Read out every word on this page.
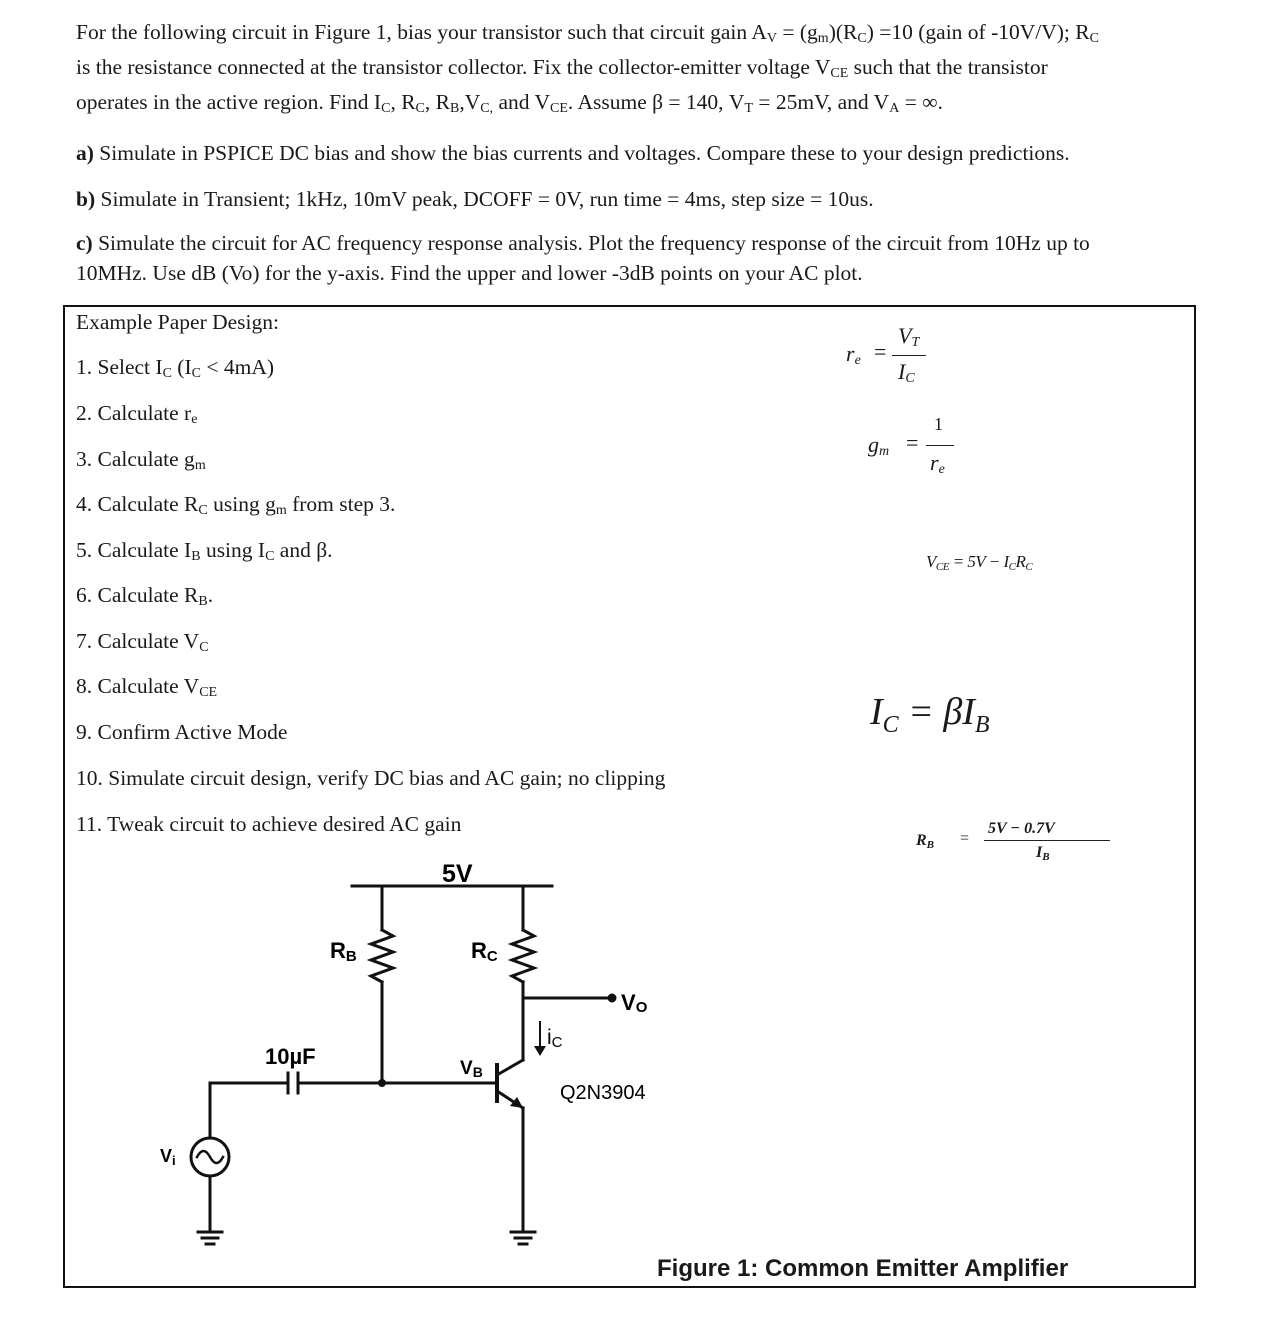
For the following circuit in Figure 1, bias your transistor such that circuit gain $A_V = (g_m)(R_C) =10$ (gain of -10V/V); $R_C$
is the resistance connected at the transistor collector. Fix the collector-emitter voltage $V_{CE}$ such that the transistor
operates in the active region. Find $I_C$, $R_C$, $R_B,V_{C,}$ and $V_{CE}$. Assume β = 140, $V_T = 25mV$, and $V_A$ = ∞.
a) Simulate in PSPICE DC bias and show the bias currents and voltages. Compare these to your design predictions.
b) Simulate in Transient; 1kHz, 10mV peak, DCOFF = 0V, run time = 4ms, step size = 10us.
c) Simulate the circuit for AC frequency response analysis. Plot the frequency response of the circuit from 10Hz up to
10MHz. Use dB (Vo) for the y-axis. Find the upper and lower -3dB points on your AC plot.
Example Paper Design:
1. Select $I_C$ $(I_C < 4mA)$
2. Calculate $r_e$
3. Calculate $g_m$
4. Calculate $R_C$ using $g_m$ from step 3.
5. Calculate $I_B$ using $I_C$ and β.
6. Calculate $R_B$.
7. Calculate $V_C$
8. Calculate $V_{CE}$
9. Confirm Active Mode
10. Simulate circuit design, verify DC bias and AC gain; no clipping
11. Tweak circuit to achieve desired AC gain
$r_e$ =
$V_T$
$I_C$
$g_m$ =
1
$r_e$
VCE = 5V − ICRC
$I_C = \beta I_B$
RB =
5V − 0.7V
IB
5V
RB	RC
VO
iC
10µF	VB
Q2N3904
Vi
Figure 1: Common Emitter Amplifier
